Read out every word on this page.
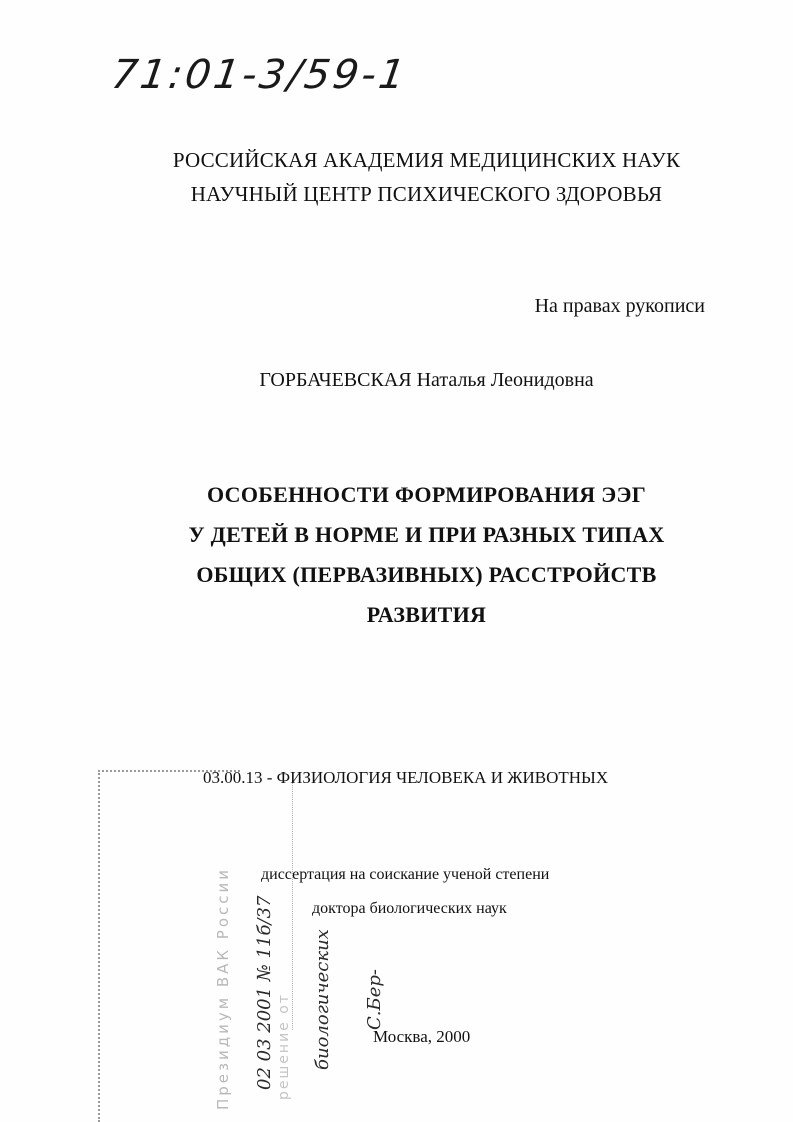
71:01-3/59-1
РОССИЙСКАЯ АКАДЕМИЯ МЕДИЦИНСКИХ НАУК
НАУЧНЫЙ ЦЕНТР ПСИХИЧЕСКОГО ЗДОРОВЬЯ
На правах рукописи
ГОРБАЧЕВСКАЯ Наталья Леонидовна
ОСОБЕННОСТИ ФОРМИРОВАНИЯ ЭЭГ
У ДЕТЕЙ В НОРМЕ И ПРИ РАЗНЫХ ТИПАХ
ОБЩИХ (ПЕРВАЗИВНЫХ) РАССТРОЙСТВ
РАЗВИТИЯ
Президиум ВАК России 02 03 2001 № 11б/37 решение от биологических С.Бер-
03.00.13 - ФИЗИОЛОГИЯ ЧЕЛОВЕКА И ЖИВОТНЫХ
диссертация на соискание ученой степени
доктора биологических наук
Москва, 2000
